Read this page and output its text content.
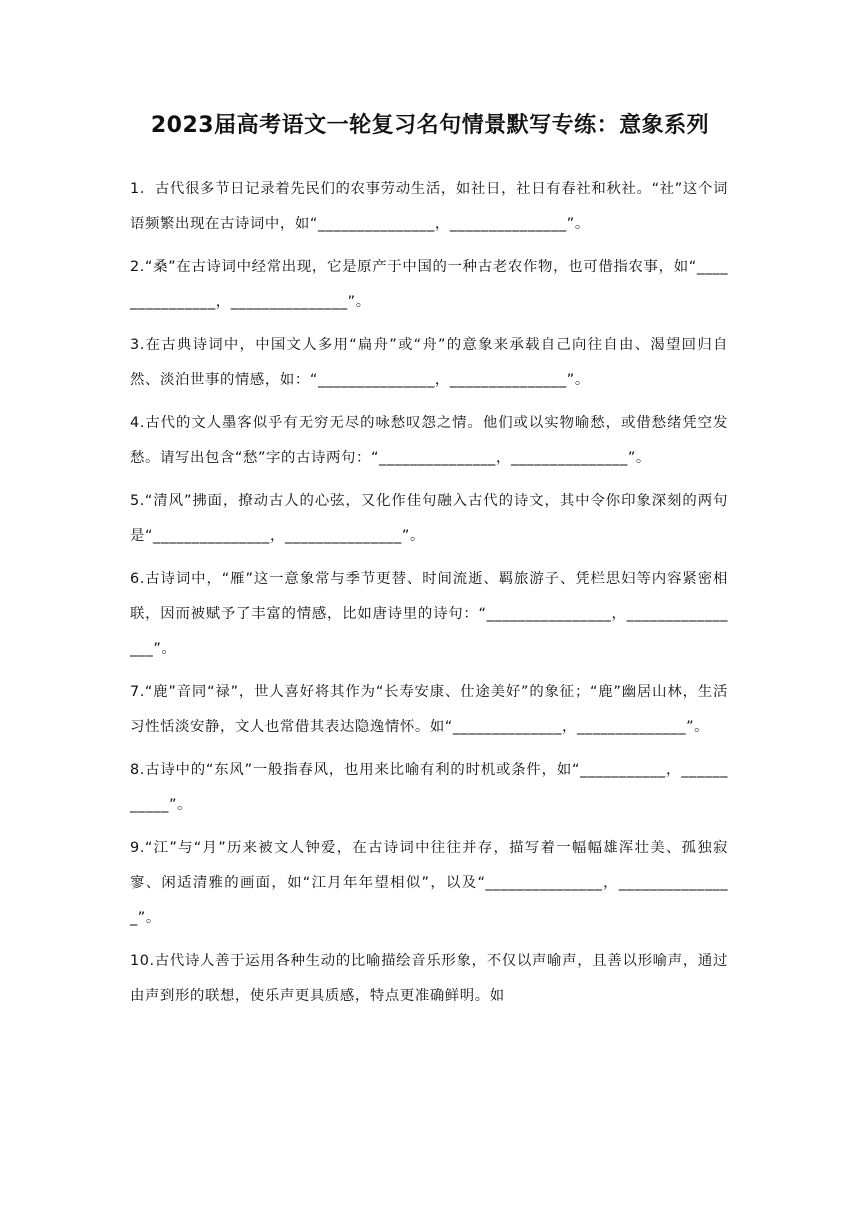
2023届高考语文一轮复习名句情景默写专练：意象系列
1．古代很多节日记录着先民们的农事劳动生活，如社日，社日有春社和秋社。“社”这个词语频繁出现在古诗词中，如“_______________，_______________”。
2.“桑”在古诗词中经常出现，它是原产于中国的一种古老农作物，也可借指农事，如“_______________，_______________”。
3.在古典诗词中，中国文人多用“扁舟”或“舟”的意象来承载自己向往自由、渴望回归自然、淡泊世事的情感，如：“_______________，_______________”。
4.古代的文人墨客似乎有无穷无尽的咏愁叹怨之情。他们或以实物喻愁，或借愁绪凭空发愁。请写出包含“愁”字的古诗两句：“_______________，_______________”。
5.“清风”拂面，撩动古人的心弦，又化作佳句融入古代的诗文，其中令你印象深刻的两句是“_______________，_______________”。
6.古诗词中，“雁”这一意象常与季节更替、时间流逝、羁旅游子、凭栏思妇等内容紧密相联，因而被赋予了丰富的情感，比如唐诗里的诗句：“________________，________________”。
7.“鹿”音同“禄”，世人喜好将其作为“长寿安康、仕途美好”的象征；“鹿”幽居山林，生活习性恬淡安静，文人也常借其表达隐逸情怀。如“______________，______________”。
8.古诗中的“东风”一般指春风，也用来比喻有利的时机或条件，如“___________，___________”。
9.“江”与“月”历来被文人钟爱，在古诗词中往往并存，描写着一幅幅雄浑壮美、孤独寂寥、闲适清雅的画面，如“江月年年望相似”，以及“_______________，_______________”。
10.古代诗人善于运用各种生动的比喻描绘音乐形象，不仅以声喻声，且善以形喻声，通过由声到形的联想，使乐声更具质感，特点更准确鲜明。如
